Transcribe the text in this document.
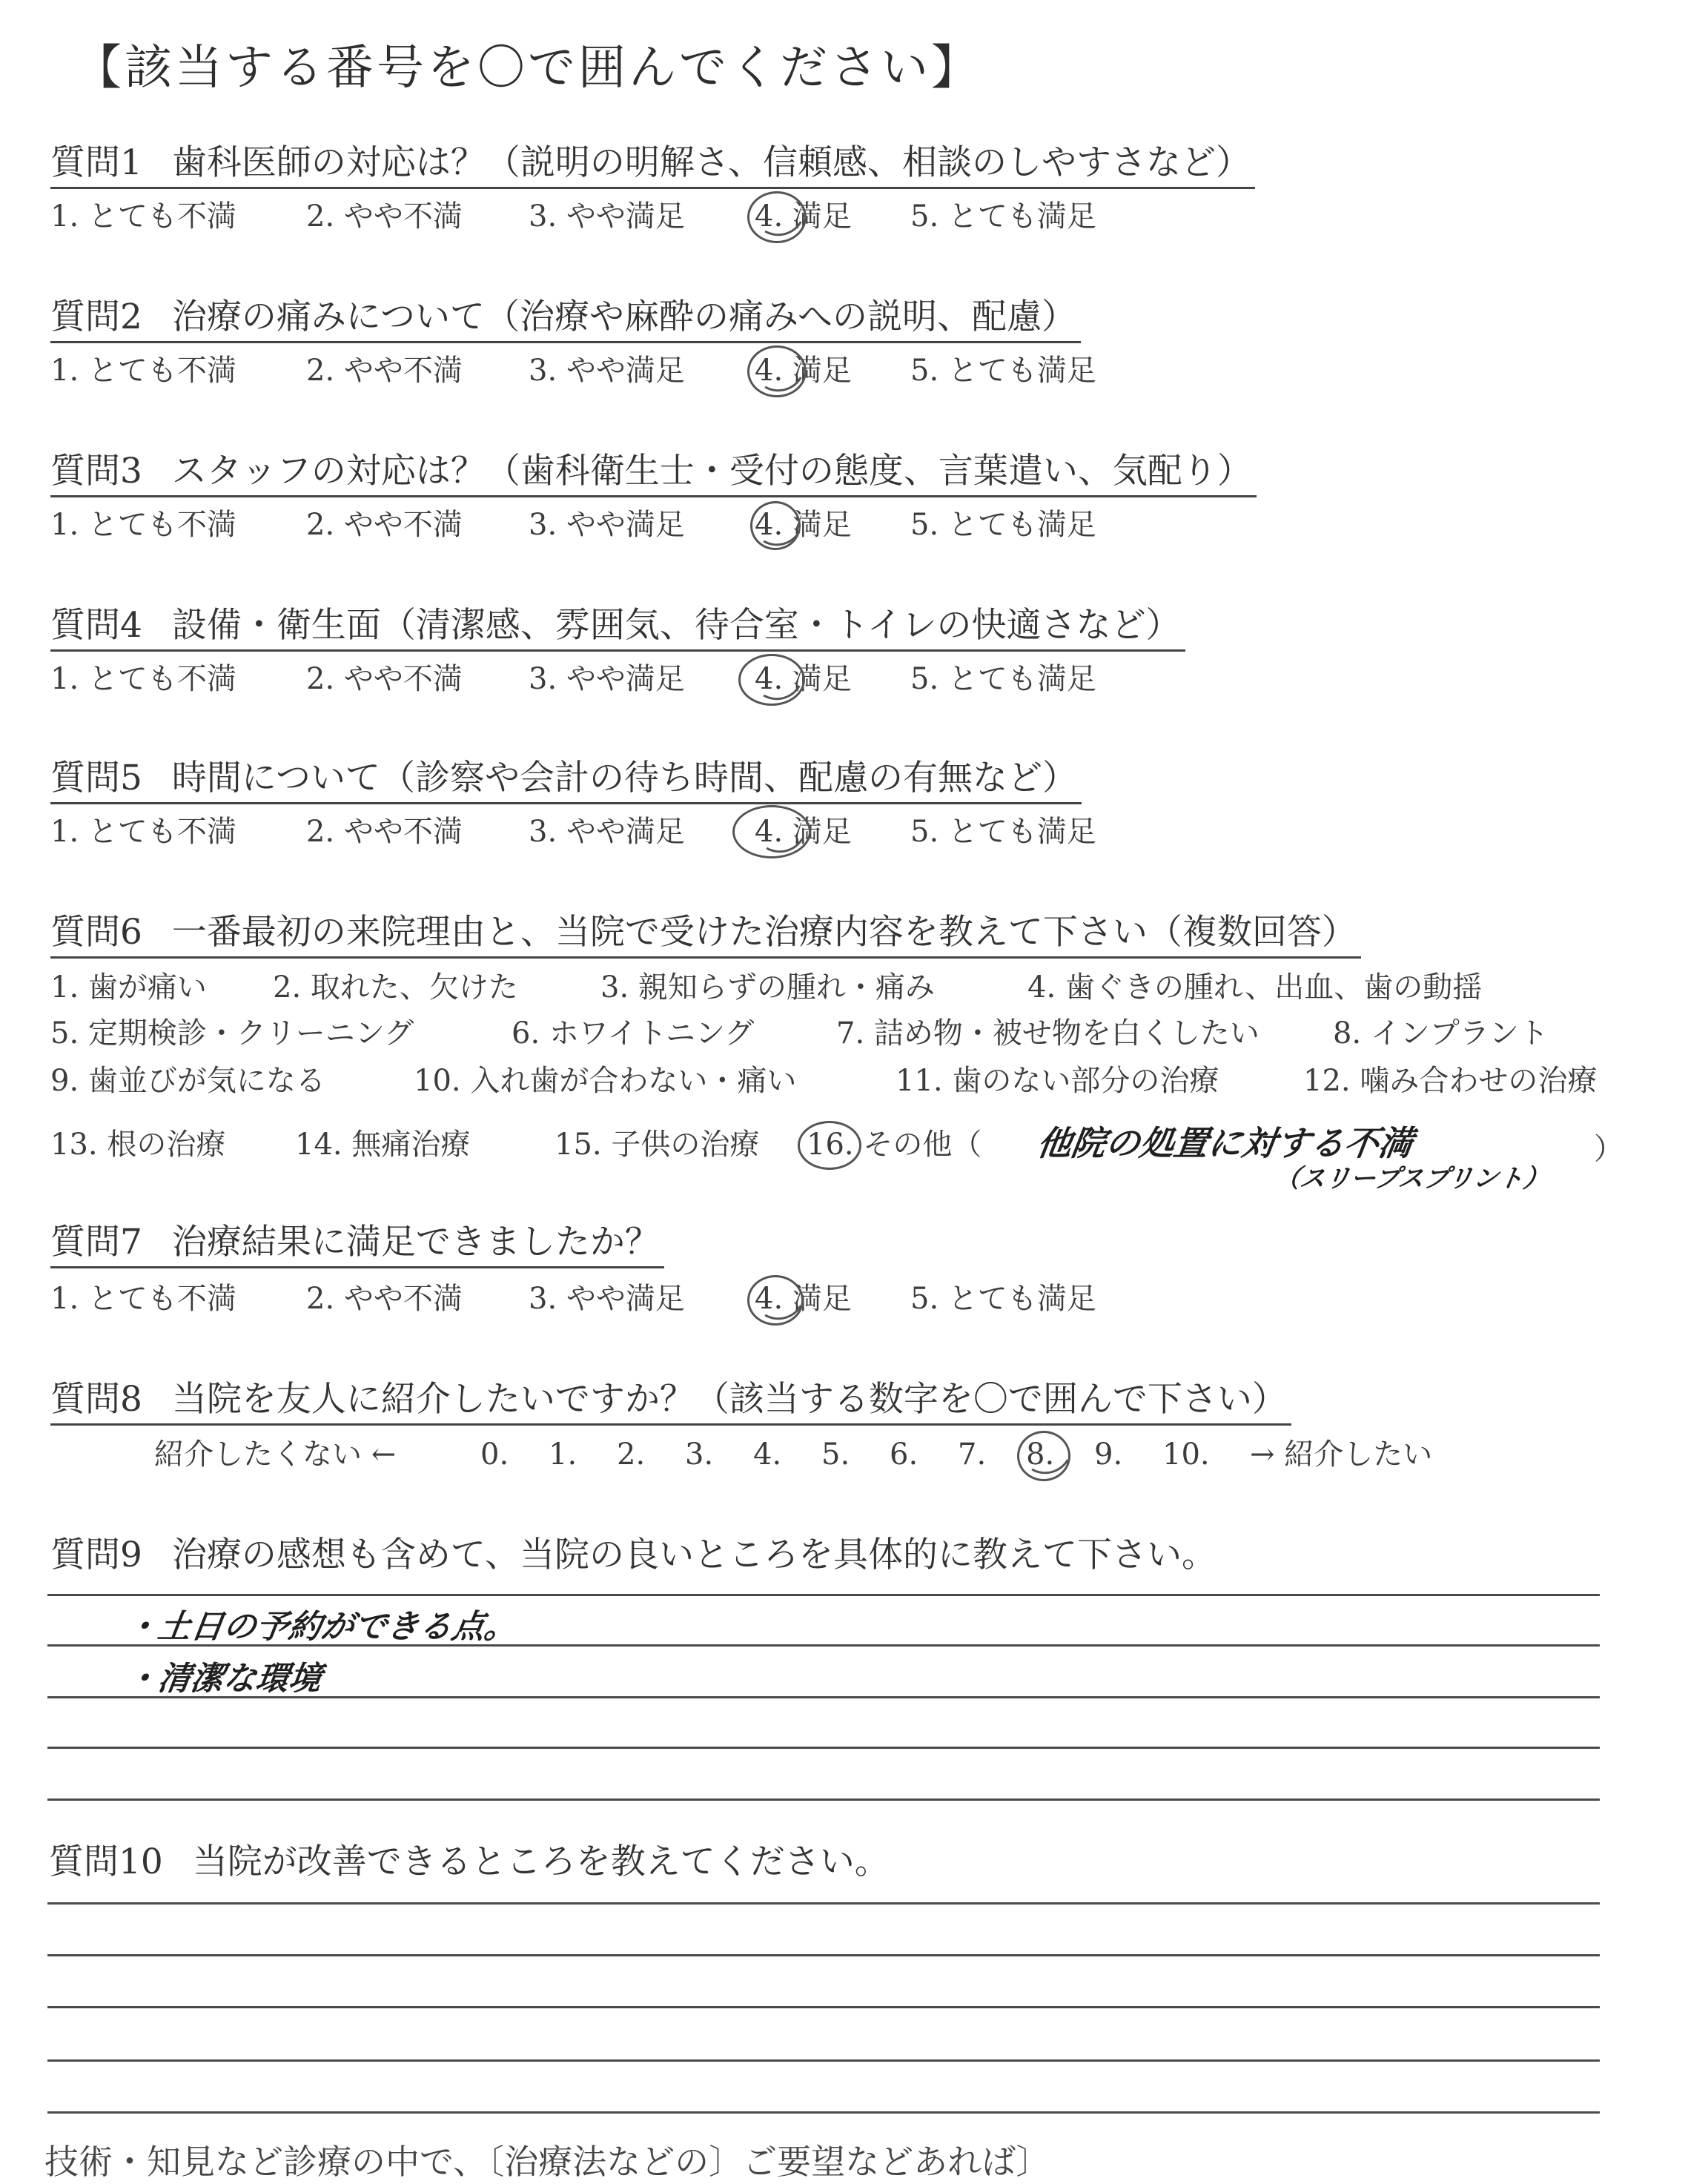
【該当する番号を〇で囲んでください】
質問1 歯科医師の対応は？（説明の明解さ、信頼感、相談のしやすさなど）
1. とても不満 2. やや不満 3. やや満足 4. 満足 5. とても満足
質問2 治療の痛みについて（治療や麻酔の痛みへの説明、配慮）
1. とても不満 2. やや不満 3. やや満足 4. 満足 5. とても満足
質問3 スタッフの対応は？（歯科衛生士・受付の態度、言葉遣い、気配り）
1. とても不満 2. やや不満 3. やや満足 4. 満足 5. とても満足
質問4 設備・衛生面（清潔感、雰囲気、待合室・トイレの快適さなど）
1. とても不満 2. やや不満 3. やや満足 4. 満足 5. とても満足
質問5 時間について（診察や会計の待ち時間、配慮の有無など）
1. とても不満 2. やや不満 3. やや満足 4. 満足 5. とても満足
質問6 一番最初の来院理由と、当院で受けた治療内容を教えて下さい（複数回答）
1. 歯が痛い 2. 取れた、欠けた	3. 親知らずの腫れ・痛み	4. 歯ぐきの腫れ、出血、歯の動揺
5. 定期検診・クリーニング	6. ホワイトニング	7. 詰め物・被せ物を白くしたい 8. インプラント
9. 歯並びが気になる	10. 入れ歯が合わない・痛い	11. 歯のない部分の治療	12. 噛み合わせの治療
13. 根の治療 14. 無痛治療	15. 子供の治療 16. その他（ 他院の処置に対する不満
（スリープスプリント）
）
質問7 治療結果に満足できましたか？
1. とても不満 2. やや不満 3. やや満足 4. 満足 5. とても満足
質問8 当院を友人に紹介したいですか？（該当する数字を〇で囲んで下さい）
紹介したくない ←	0. 1. 2. 3. 4. 5. 6. 7. 8. 9. 10. → 紹介したい
質問9 治療の感想も含めて、当院の良いところを具体的に教えて下さい。
・土日の予約ができる点。
・清潔な環境
質問10 当院が改善できるところを教えてください。
技術・知見など診療の中で、〔治療法などの〕ご要望などあれば〕
